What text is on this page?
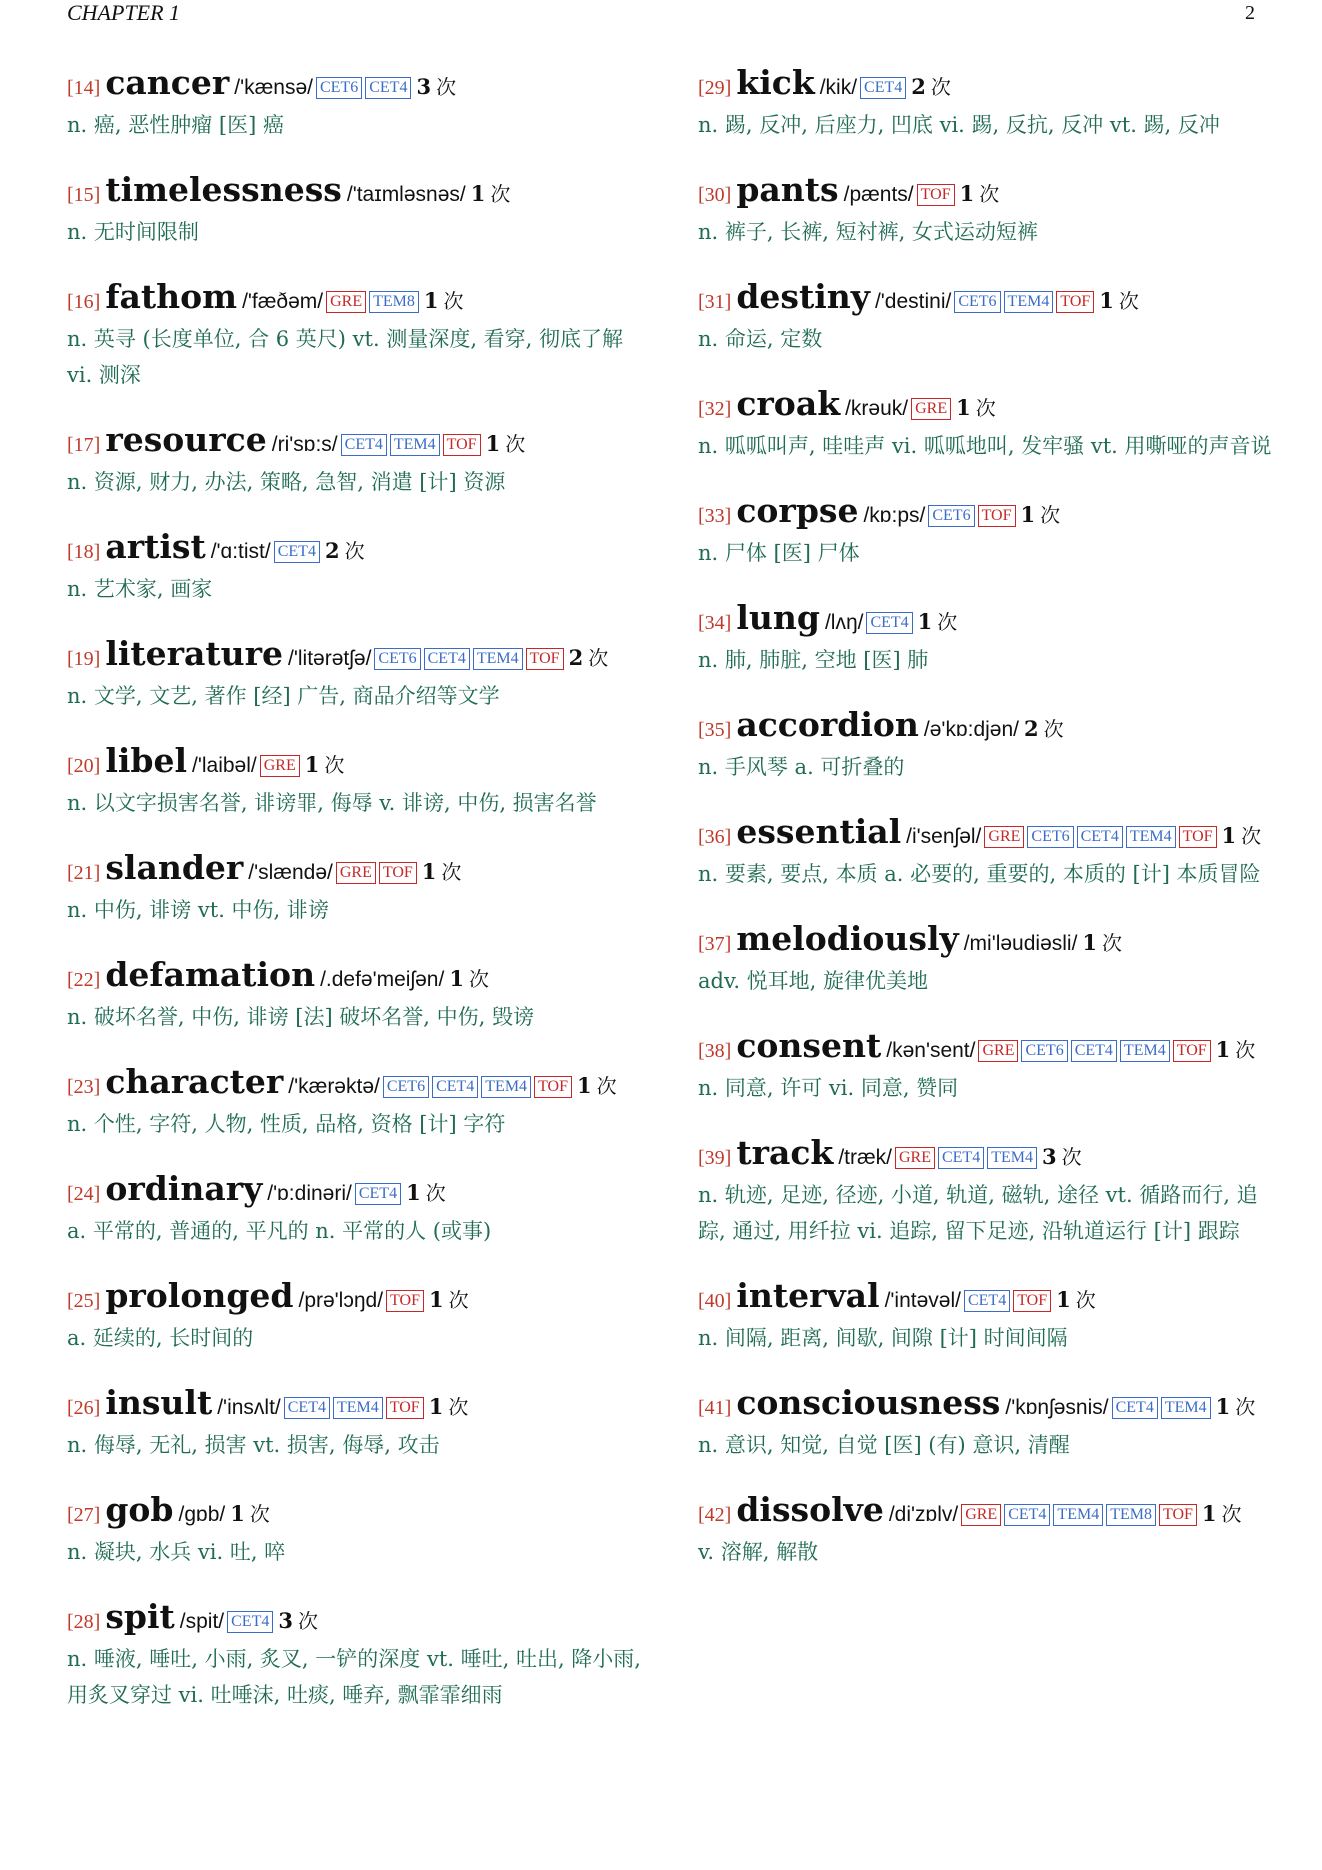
CHAPTER 1	2
[14] cancer /'kænsə/ CET6 CET4 3 次
n. 癌, 恶性肿瘤 [医] 癌
[15] timelessness /'taɪmləsnəs/ 1 次
n. 无时间限制
[16] fathom /'fæðəm/ GRE TEM8 1 次
n. 英寻 (长度单位, 合 6 英尺) vt. 测量深度, 看穿, 彻底了解 vi. 测深
[17] resource /ri'sɒ:s/ CET4 TEM4 TOF 1 次
n. 资源, 财力, 办法, 策略, 急智, 消遣 [计] 资源
[18] artist /'ɑ:tist/ CET4 2 次
n. 艺术家, 画家
[19] literature /'litərətʃə/ CET6 CET4 TEM4 TOF 2 次
n. 文学, 文艺, 著作 [经] 广告, 商品介绍等文学
[20] libel /'laibəl/ GRE 1 次
n. 以文字损害名誉, 诽谤罪, 侮辱 v. 诽谤, 中伤, 损害名誉
[21] slander /'slændə/ GRE TOF 1 次
n. 中伤, 诽谤 vt. 中伤, 诽谤
[22] defamation /.defə'meiʃən/ 1 次
n. 破坏名誉, 中伤, 诽谤 [法] 破坏名誉, 中伤, 毁谤
[23] character /'kærəktə/ CET6 CET4 TEM4 TOF 1 次
n. 个性, 字符, 人物, 性质, 品格, 资格 [计] 字符
[24] ordinary /'ɒ:dinəri/ CET4 1 次
a. 平常的, 普通的, 平凡的 n. 平常的人 (或事)
[25] prolonged /prə'lɔŋd/ TOF 1 次
a. 延续的, 长时间的
[26] insult /'insʌlt/ CET4 TEM4 TOF 1 次
n. 侮辱, 无礼, 损害 vt. 损害, 侮辱, 攻击
[27] gob /gɒb/ 1 次
n. 凝块, 水兵 vi. 吐, 啐
[28] spit /spit/ CET4 3 次
n. 唾液, 唾吐, 小雨, 炙叉, 一铲的深度 vt. 唾吐, 吐出, 降小雨, 用炙叉穿过 vi. 吐唾沫, 吐痰, 唾弃, 飘霏霏细雨
[29] kick /kik/ CET4 2 次
n. 踢, 反冲, 后座力, 凹底 vi. 踢, 反抗, 反冲 vt. 踢, 反冲
[30] pants /pænts/ TOF 1 次
n. 裤子, 长裤, 短衬裤, 女式运动短裤
[31] destiny /'destini/ CET6 TEM4 TOF 1 次
n. 命运, 定数
[32] croak /krəuk/ GRE 1 次
n. 呱呱叫声, 哇哇声 vi. 呱呱地叫, 发牢骚 vt. 用嘶哑的声音说
[33] corpse /kɒ:ps/ CET6 TOF 1 次
n. 尸体 [医] 尸体
[34] lung /lʌŋ/ CET4 1 次
n. 肺, 肺脏, 空地 [医] 肺
[35] accordion /ə'kɒ:djən/ 2 次
n. 手风琴 a. 可折叠的
[36] essential /i'senʃəl/ GRE CET6 CET4 TEM4 TOF 1 次
n. 要素, 要点, 本质 a. 必要的, 重要的, 本质的 [计] 本质冒险
[37] melodiously /mi'ləudiəsli/ 1 次
adv. 悦耳地, 旋律优美地
[38] consent /kən'sent/ GRE CET6 CET4 TEM4 TOF 1 次
n. 同意, 许可 vi. 同意, 赞同
[39] track /træk/ GRE CET4 TEM4 3 次
n. 轨迹, 足迹, 径迹, 小道, 轨道, 磁轨, 途径 vt. 循路而行, 追踪, 通过, 用纤拉 vi. 追踪, 留下足迹, 沿轨道运行 [计] 跟踪
[40] interval /'intəvəl/ CET4 TOF 1 次
n. 间隔, 距离, 间歇, 间隙 [计] 时间间隔
[41] consciousness /'kɒnʃəsnis/ CET4 TEM4 1 次
n. 意识, 知觉, 自觉 [医] (有) 意识, 清醒
[42] dissolve /di'zɒlv/ GRE CET4 TEM4 TEM8 TOF 1 次
v. 溶解, 解散
